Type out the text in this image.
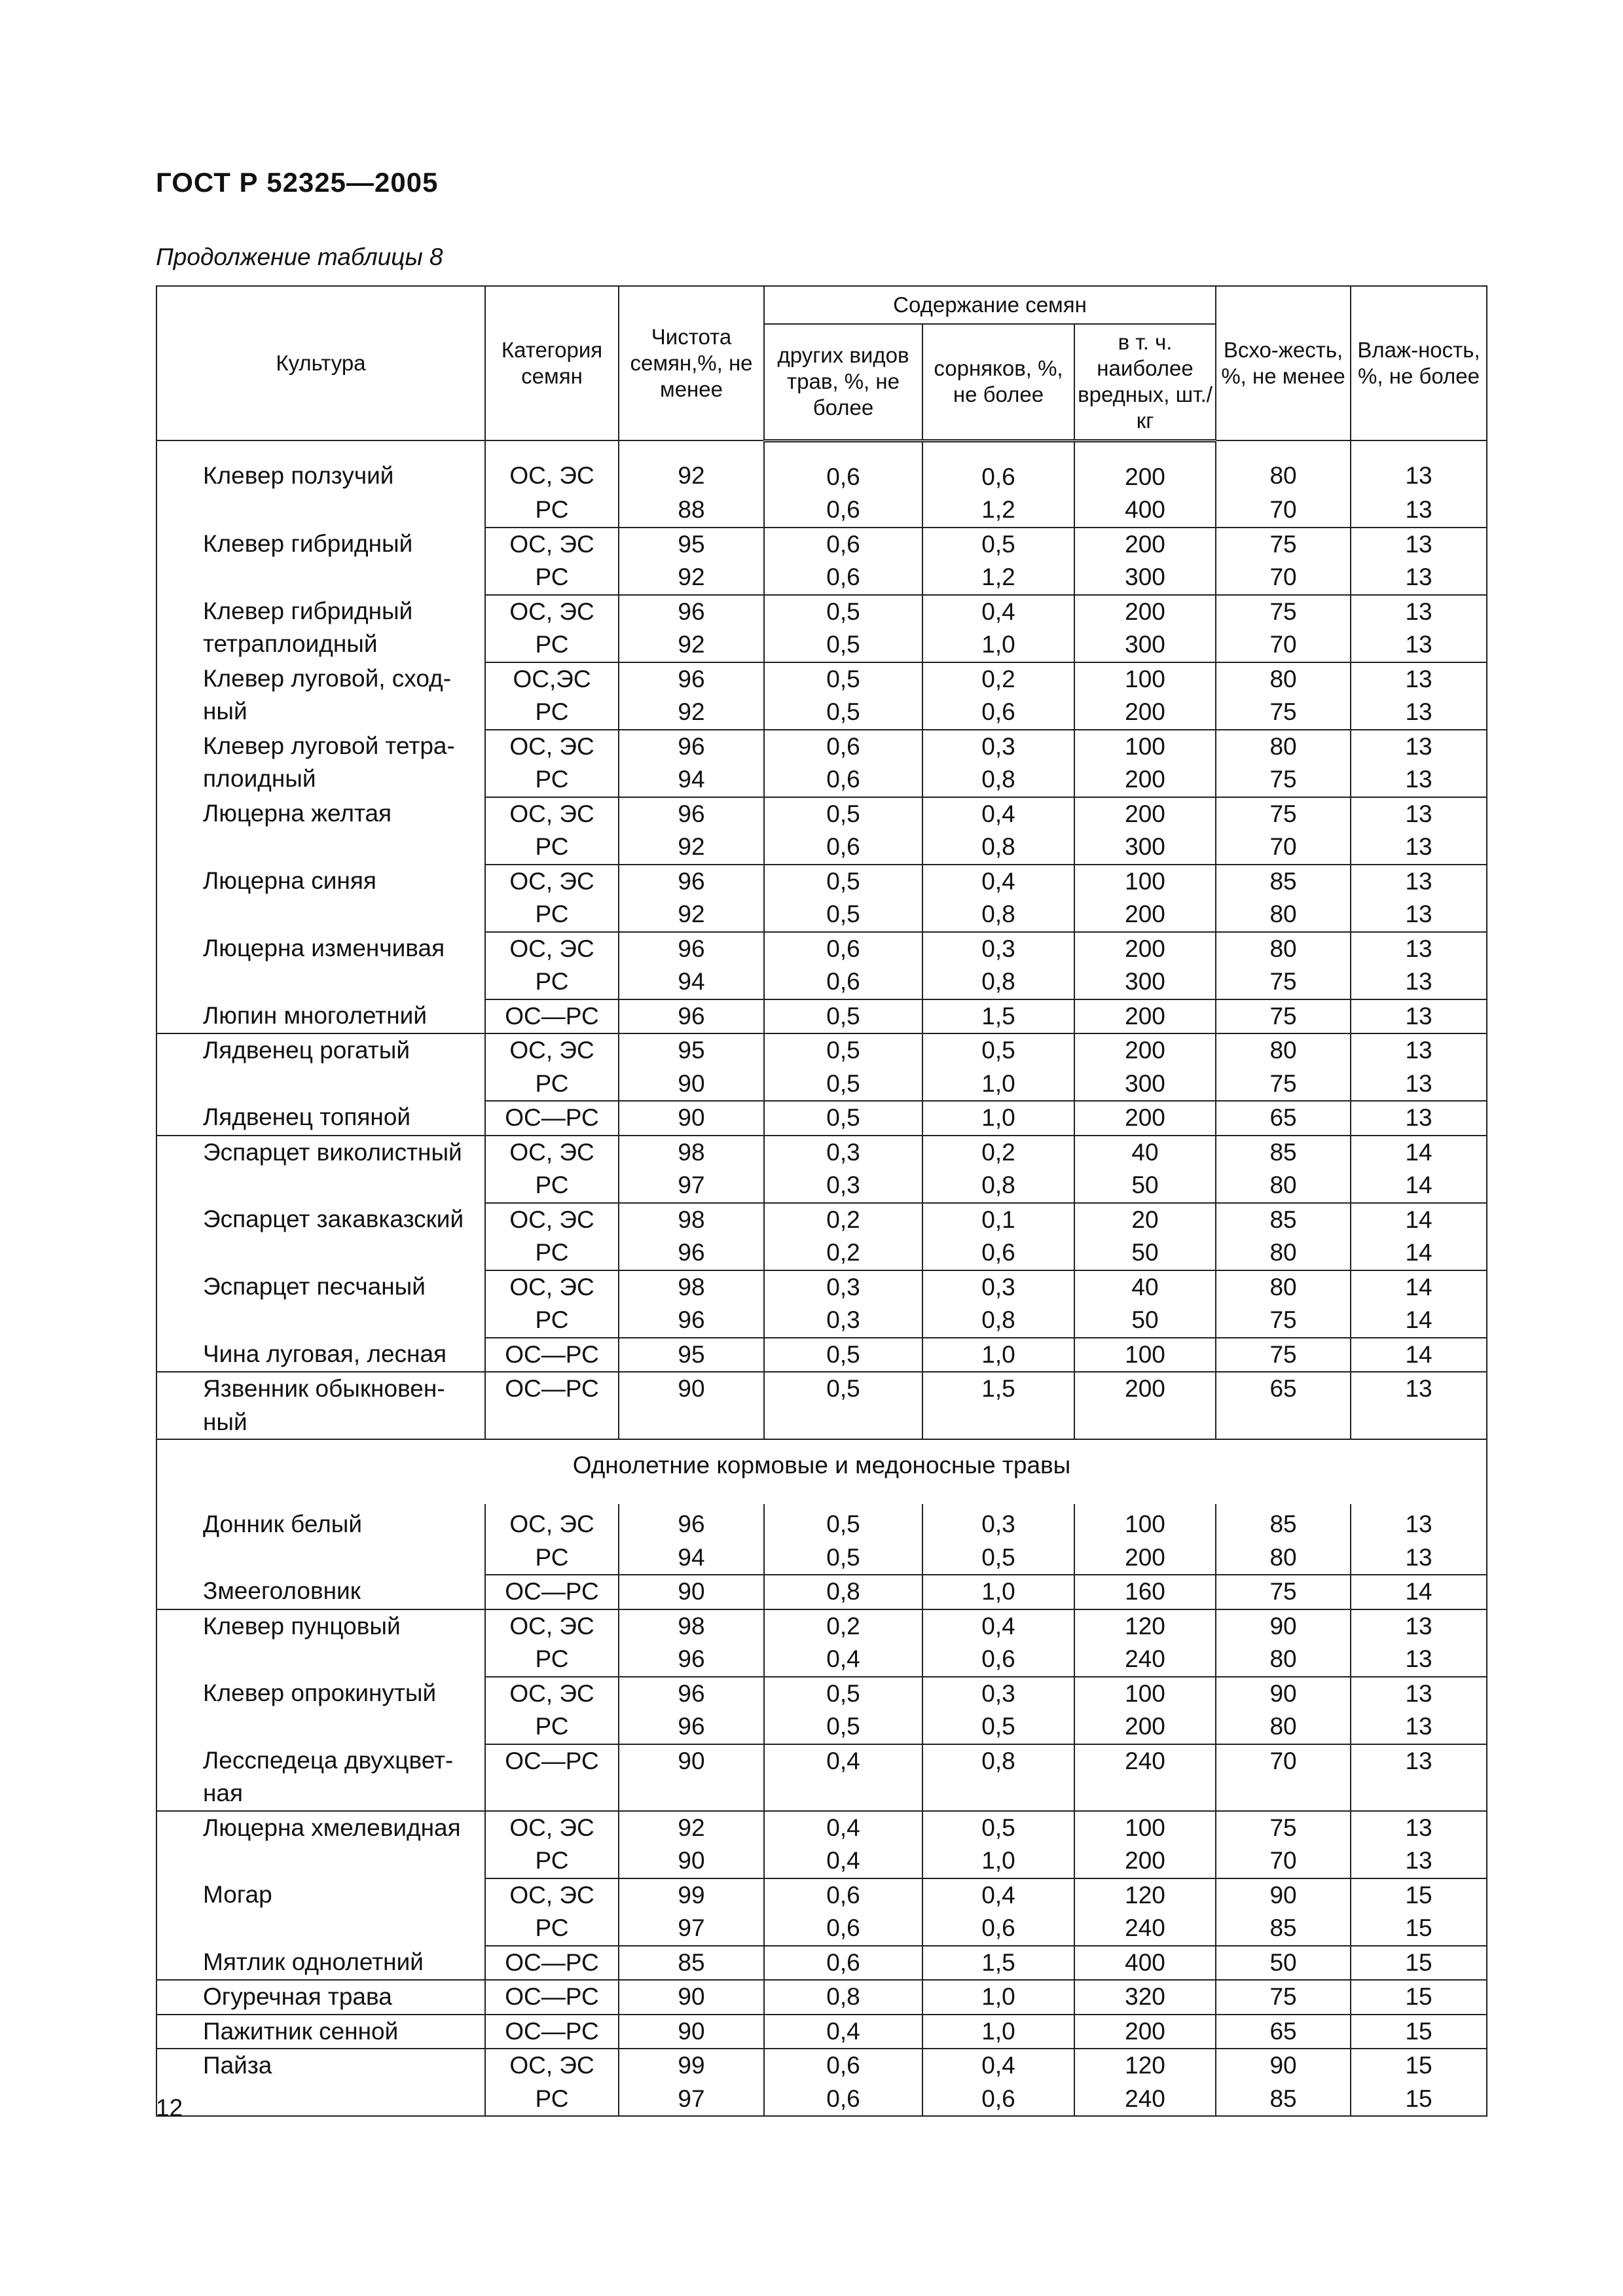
ГОСТ Р 52325—2005
Продолжение таблицы 8
Культура	Категория семян	Чистота семян,%, не менее	Содержание семян			Всхо-жесть, %, не менее	Влаж-ность, %, не более
			других видов трав, %, не более	сорняков, %, не более	в т. ч. наиболее вредных, шт./кг		
Клевер ползучий	ОС, ЭС	92	0,6	0,6	200	80	13
	РС	88	0,6	1,2	400	70	13
Клевер гибридный	ОС, ЭС	95	0,6	0,5	200	75	13
	РС	92	0,6	1,2	300	70	13
Клевер гибридный тетраплоидный	ОС, ЭС	96	0,5	0,4	200	75	13
	РС	92	0,5	1,0	300	70	13
Клевер луговой, сход-ный	ОС,ЭС	96	0,5	0,2	100	80	13
	РС	92	0,5	0,6	200	75	13
Клевер луговой тетра-плоидный	ОС, ЭС	96	0,6	0,3	100	80	13
	РС	94	0,6	0,8	200	75	13
Люцерна желтая	ОС, ЭС	96	0,5	0,4	200	75	13
	РС	92	0,6	0,8	300	70	13
Люцерна синяя	ОС, ЭС	96	0,5	0,4	100	85	13
	РС	92	0,5	0,8	200	80	13
Люцерна изменчивая	ОС, ЭС	96	0,6	0,3	200	80	13
	РС	94	0,6	0,8	300	75	13
Люпин многолетний	ОС—РС	96	0,5	1,5	200	75	13
Лядвенец рогатый	ОС, ЭС	95	0,5	0,5	200	80	13
	РС	90	0,5	1,0	300	75	13
Лядвенец топяной	ОС—РС	90	0,5	1,0	200	65	13
Эспарцет виколистный	ОС, ЭС	98	0,3	0,2	40	85	14
	РС	97	0,3	0,8	50	80	14
Эспарцет закавказский	ОС, ЭС	98	0,2	0,1	20	85	14
	РС	96	0,2	0,6	50	80	14
Эспарцет песчаный	ОС, ЭС	98	0,3	0,3	40	80	14
	РС	96	0,3	0,8	50	75	14
Чина луговая, лесная	ОС—РС	95	0,5	1,0	100	75	14
Язвенник обыкновен-ный	ОС—РС	90	0,5	1,5	200	65	13
Однолетние кормовые и медоносные травы							
Донник белый	ОС, ЭС	96	0,5	0,3	100	85	13
	РС	94	0,5	0,5	200	80	13
Змееголовник	ОС—РС	90	0,8	1,0	160	75	14
Клевер пунцовый	ОС, ЭС	98	0,2	0,4	120	90	13
	РС	96	0,4	0,6	240	80	13
Клевер опрокинутый	ОС, ЭС	96	0,5	0,3	100	90	13
	РС	96	0,5	0,5	200	80	13
Лесспедеца двухцвет-ная	ОС—РС	90	0,4	0,8	240	70	13
Люцерна хмелевидная	ОС, ЭС	92	0,4	0,5	100	75	13
	РС	90	0,4	1,0	200	70	13
Могар	ОС, ЭС	99	0,6	0,4	120	90	15
	РС	97	0,6	0,6	240	85	15
Мятлик однолетний	ОС—РС	85	0,6	1,5	400	50	15
Огуречная трава	ОС—РС	90	0,8	1,0	320	75	15
Пажитник сенной	ОС—РС	90	0,4	1,0	200	65	15
Пайза	ОС, ЭС	99	0,6	0,4	120	90	15
	РС	97	0,6	0,6	240	85	15
12
